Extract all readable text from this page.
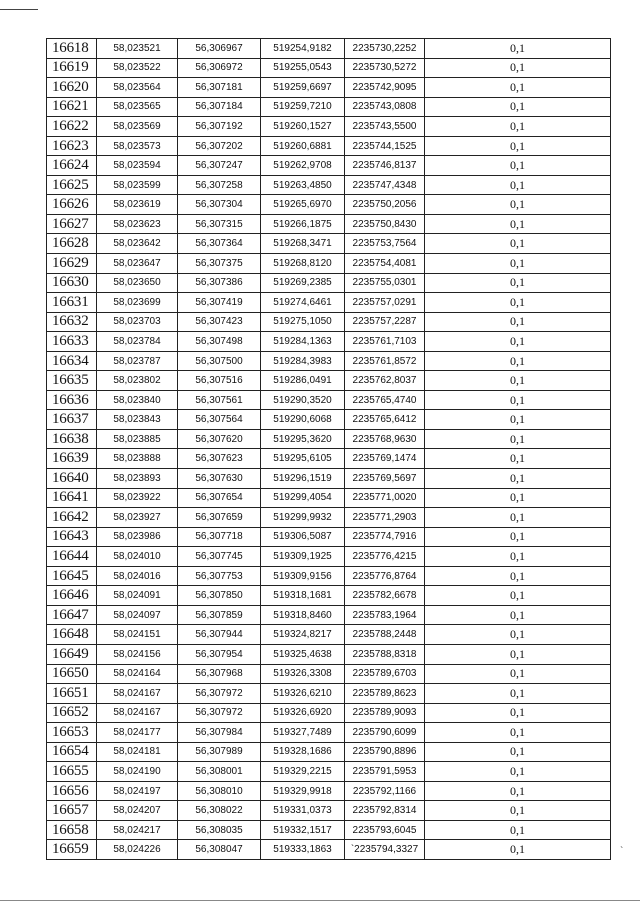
16618	58,023521	56,306967	519254,9182	2235730,2252	0,1
16619	58,023522	56,306972	519255,0543	2235730,5272	0,1
16620	58,023564	56,307181	519259,6697	2235742,9095	0,1
16621	58,023565	56,307184	519259,7210	2235743,0808	0,1
16622	58,023569	56,307192	519260,1527	2235743,5500	0,1
16623	58,023573	56,307202	519260,6881	2235744,1525	0,1
16624	58,023594	56,307247	519262,9708	2235746,8137	0,1
16625	58,023599	56,307258	519263,4850	2235747,4348	0,1
16626	58,023619	56,307304	519265,6970	2235750,2056	0,1
16627	58,023623	56,307315	519266,1875	2235750,8430	0,1
16628	58,023642	56,307364	519268,3471	2235753,7564	0,1
16629	58,023647	56,307375	519268,8120	2235754,4081	0,1
16630	58,023650	56,307386	519269,2385	2235755,0301	0,1
16631	58,023699	56,307419	519274,6461	2235757,0291	0,1
16632	58,023703	56,307423	519275,1050	2235757,2287	0,1
16633	58,023784	56,307498	519284,1363	2235761,7103	0,1
16634	58,023787	56,307500	519284,3983	2235761,8572	0,1
16635	58,023802	56,307516	519286,0491	2235762,8037	0,1
16636	58,023840	56,307561	519290,3520	2235765,4740	0,1
16637	58,023843	56,307564	519290,6068	2235765,6412	0,1
16638	58,023885	56,307620	519295,3620	2235768,9630	0,1
16639	58,023888	56,307623	519295,6105	2235769,1474	0,1
16640	58,023893	56,307630	519296,1519	2235769,5697	0,1
16641	58,023922	56,307654	519299,4054	2235771,0020	0,1
16642	58,023927	56,307659	519299,9932	2235771,2903	0,1
16643	58,023986	56,307718	519306,5087	2235774,7916	0,1
16644	58,024010	56,307745	519309,1925	2235776,4215	0,1
16645	58,024016	56,307753	519309,9156	2235776,8764	0,1
16646	58,024091	56,307850	519318,1681	2235782,6678	0,1
16647	58,024097	56,307859	519318,8460	2235783,1964	0,1
16648	58,024151	56,307944	519324,8217	2235788,2448	0,1
16649	58,024156	56,307954	519325,4638	2235788,8318	0,1
16650	58,024164	56,307968	519326,3308	2235789,6703	0,1
16651	58,024167	56,307972	519326,6210	2235789,8623	0,1
16652	58,024167	56,307972	519326,6920	2235789,9093	0,1
16653	58,024177	56,307984	519327,7489	2235790,6099	0,1
16654	58,024181	56,307989	519328,1686	2235790,8896	0,1
16655	58,024190	56,308001	519329,2215	2235791,5953	0,1
16656	58,024197	56,308010	519329,9918	2235792,1166	0,1
16657	58,024207	56,308022	519331,0373	2235792,8314	0,1
16658	58,024217	56,308035	519332,1517	2235793,6045	0,1
16659	58,024226	56,308047	519333,1863	`2235794,3327	0,1	`
